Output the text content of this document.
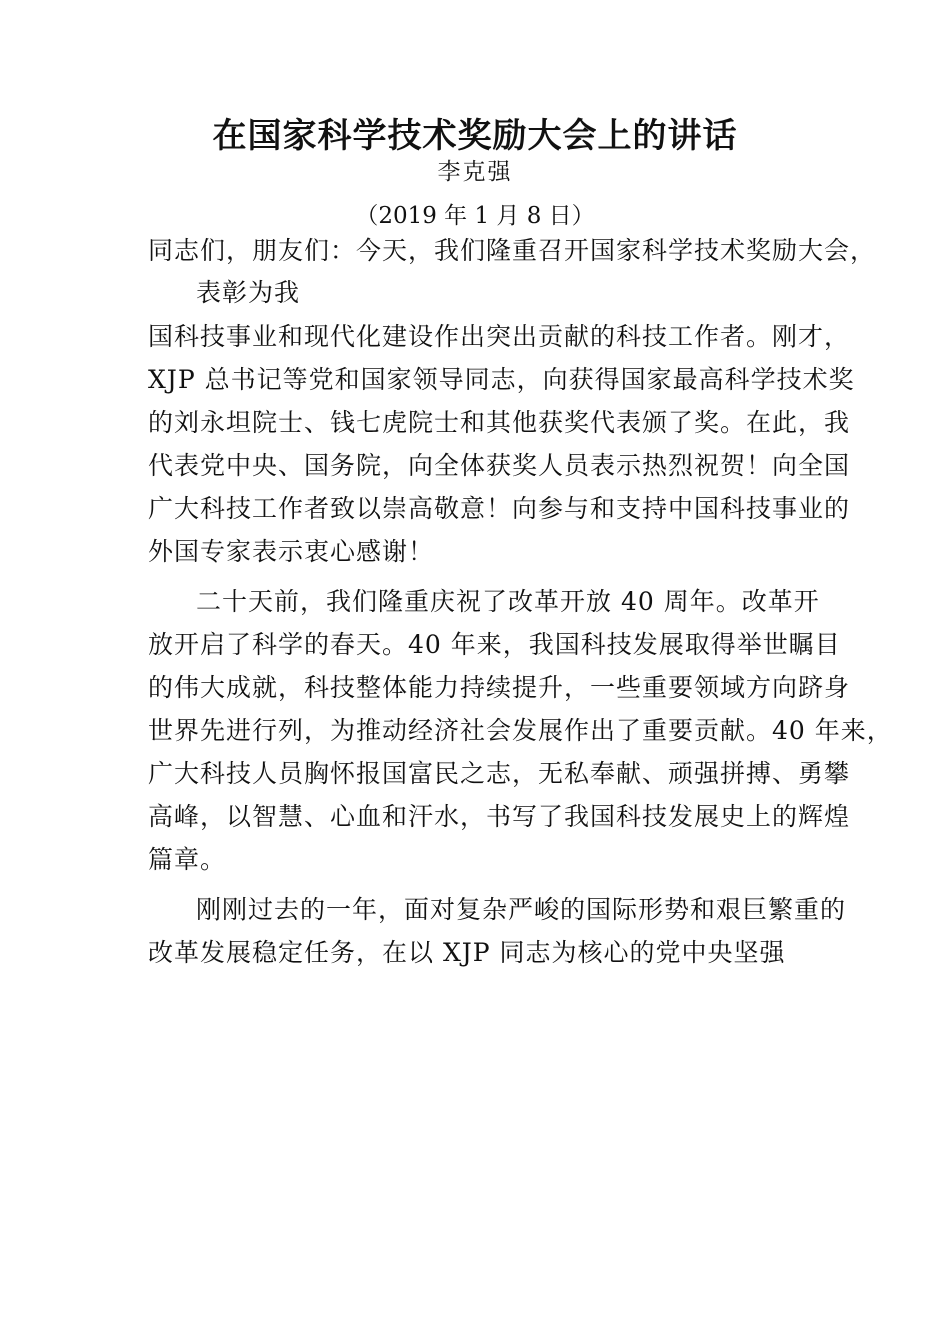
在国家科学技术奖励大会上的讲话
李克强
（2019 年 1 月 8 日）
同志们，朋友们：今天，我们隆重召开国家科学技术奖励大会，
表彰为我
国科技事业和现代化建设作出突出贡献的科技工作者。刚才，
XJP 总书记等党和国家领导同志，向获得国家最高科学技术奖
的刘永坦院士、钱七虎院士和其他获奖代表颁了奖。在此，我
代表党中央、国务院，向全体获奖人员表示热烈祝贺！向全国
广大科技工作者致以崇高敬意！向参与和支持中国科技事业的
外国专家表示衷心感谢！
二十天前，我们隆重庆祝了改革开放 40 周年。改革开
放开启了科学的春天。40 年来，我国科技发展取得举世瞩目
的伟大成就，科技整体能力持续提升，一些重要领域方向跻身
世界先进行列，为推动经济社会发展作出了重要贡献。40 年来，
广大科技人员胸怀报国富民之志，无私奉献、顽强拼搏、勇攀
高峰，以智慧、心血和汗水，书写了我国科技发展史上的辉煌
篇章。
刚刚过去的一年，面对复杂严峻的国际形势和艰巨繁重的
改革发展稳定任务，在以 XJP 同志为核心的党中央坚强
